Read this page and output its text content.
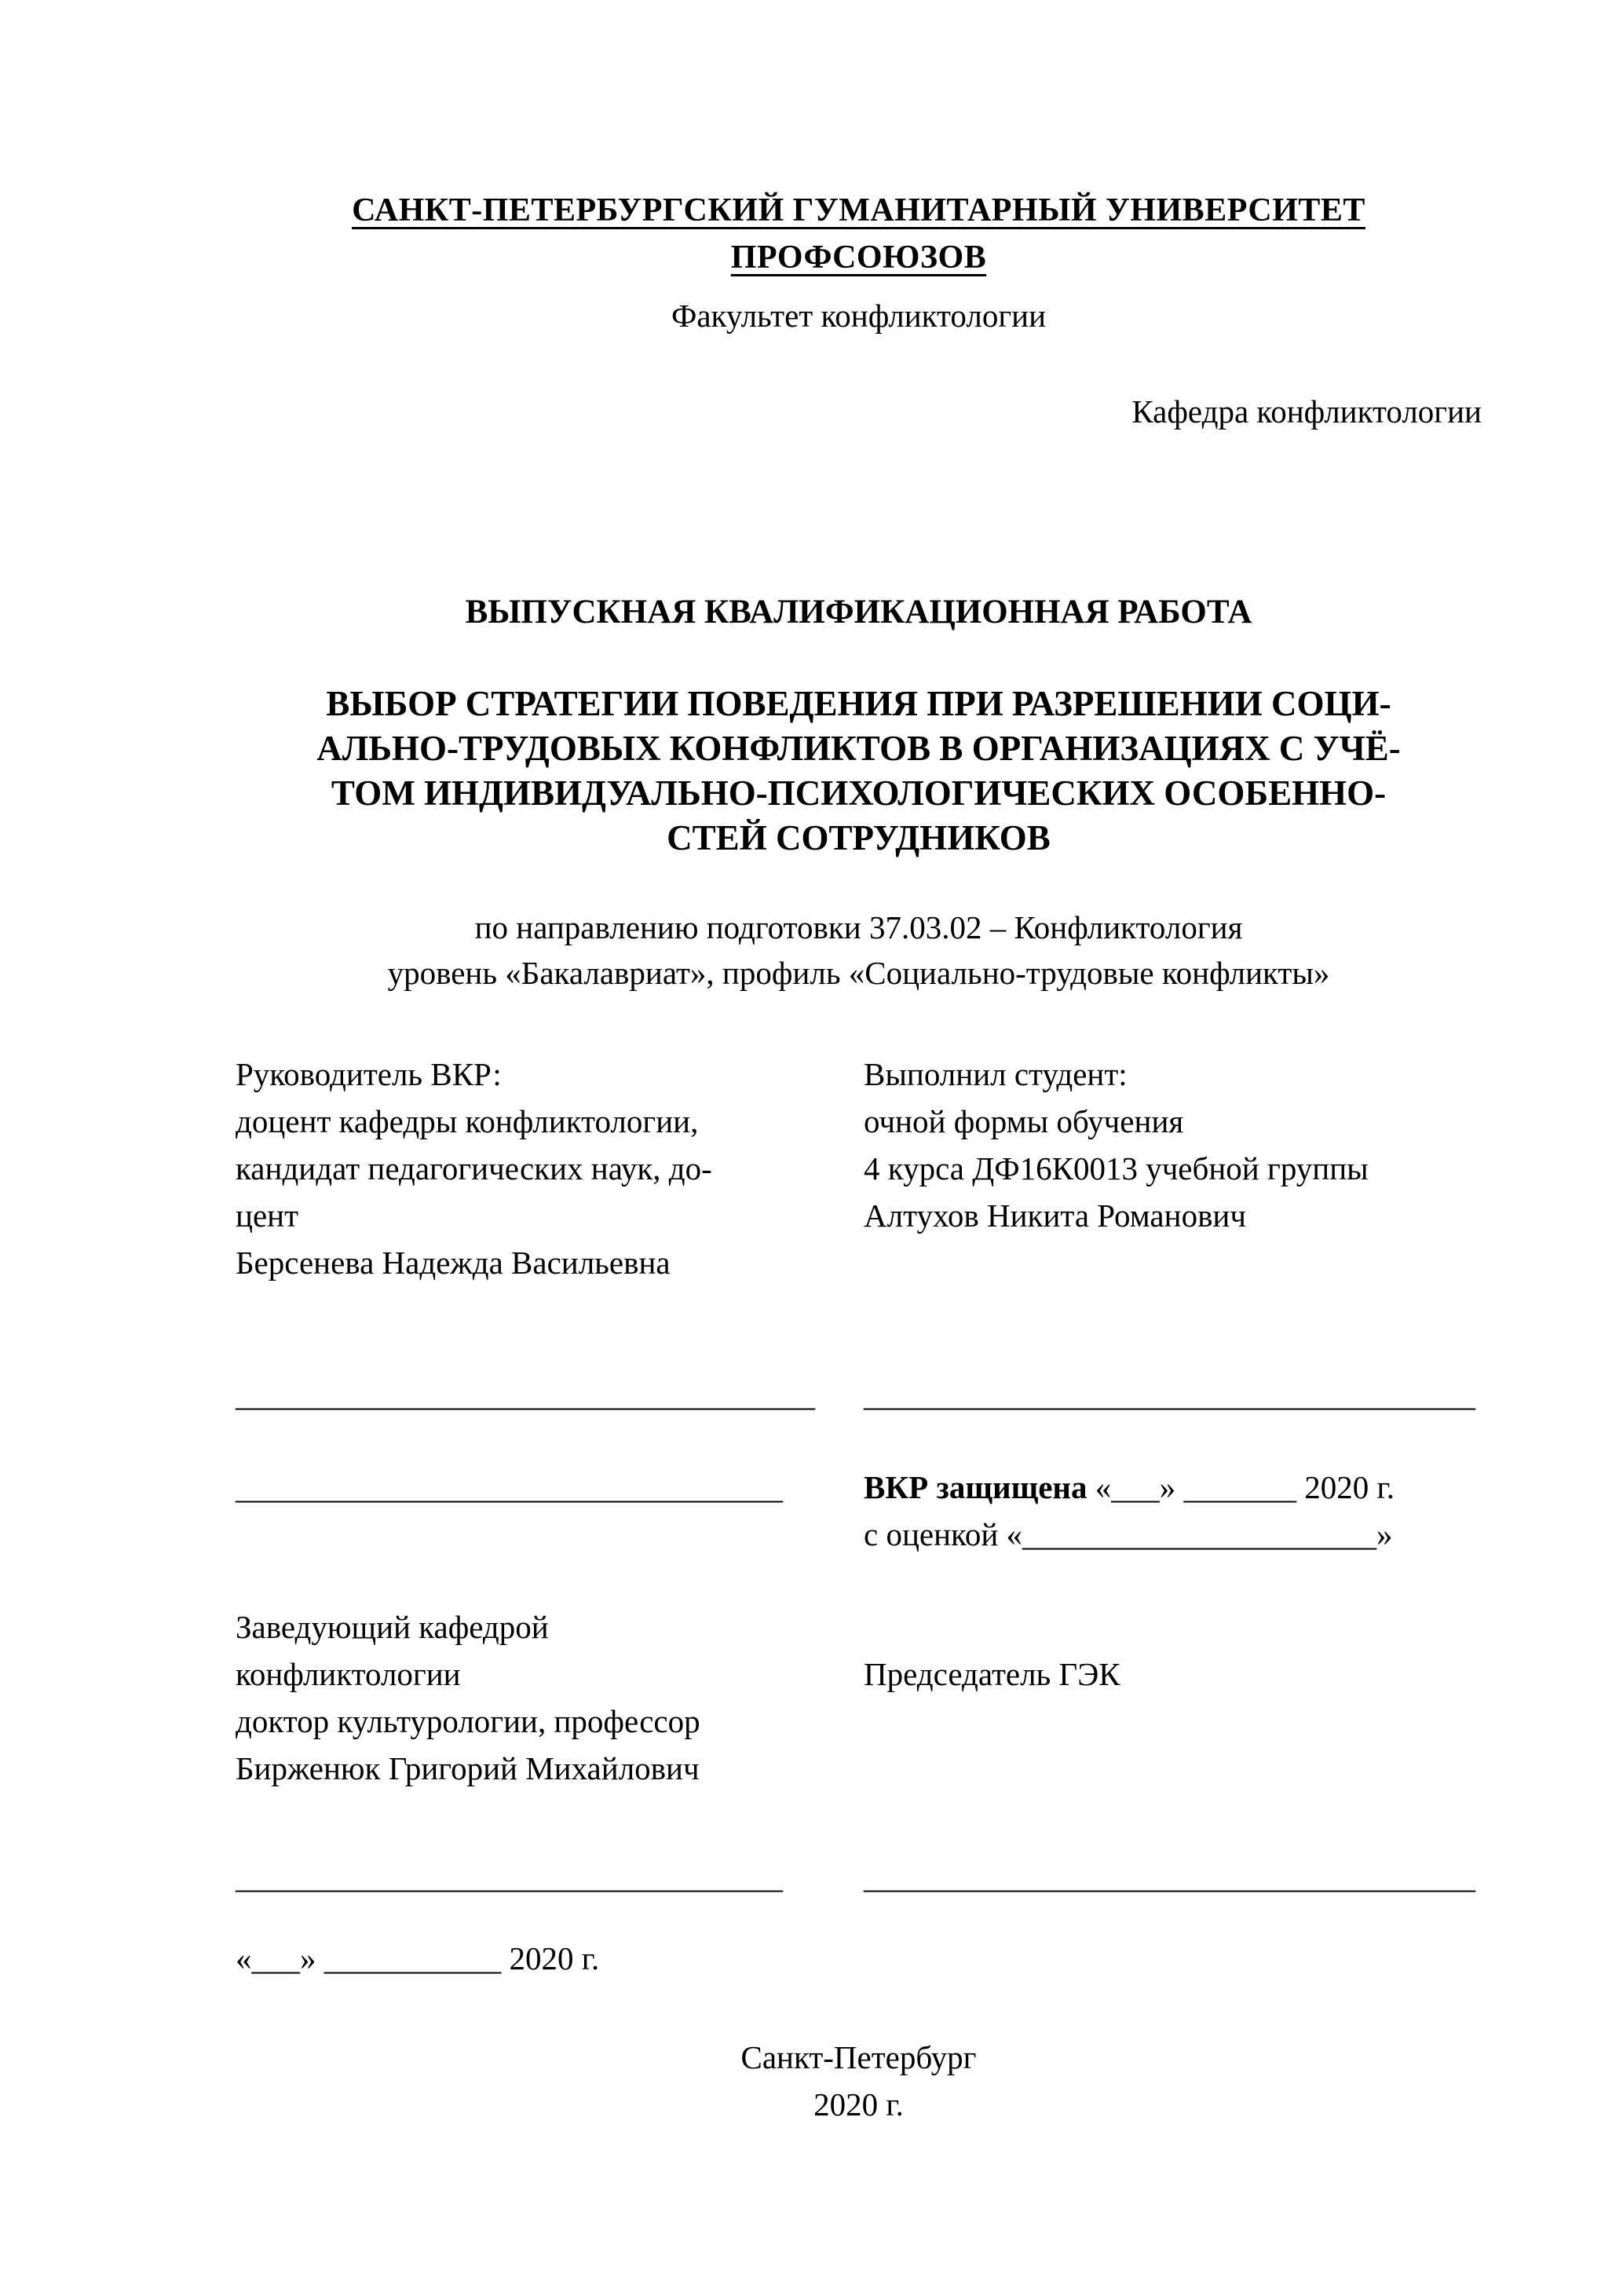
САНКТ-ПЕТЕРБУРГСКИЙ ГУМАНИТАРНЫЙ УНИВЕРСИТЕТ ПРОФСОЮЗОВ
Факультет конфликтологии
Кафедра конфликтологии
ВЫПУСКНАЯ КВАЛИФИКАЦИОННАЯ РАБОТА
ВЫБОР СТРАТЕГИИ ПОВЕДЕНИЯ ПРИ РАЗРЕШЕНИИ СОЦИ-
АЛЬНО-ТРУДОВЫХ КОНФЛИКТОВ В ОРГАНИЗАЦИЯХ С УЧЁ-
ТОМ ИНДИВИДУАЛЬНО-ПСИХОЛОГИЧЕСКИХ ОСОБЕННО-
СТЕЙ СОТРУДНИКОВ
по направлению подготовки 37.03.02 – Конфликтология
уровень «Бакалавриат», профиль «Социально-трудовые конфликты»
Руководитель ВКР:
доцент кафедры конфликтологии,
кандидат педагогических наук, до-
цент
Берсенева Надежда Васильевна
Выполнил студент:
очной формы обучения
4 курса ДФ16К0013 учебной группы
Алтухов Никита Романович
____________________________________ ______________________________________
__________________________________	ВКР защищена «___» _______ 2020 г.
с оценкой «______________________»
Заведующий кафедрой
конфликтологии
доктор культурологии, профессор
Бирженюк Григорий Михайлович
Председатель ГЭК
__________________________________	______________________________________
«___» ___________ 2020 г.
Санкт-Петербург
2020 г.
